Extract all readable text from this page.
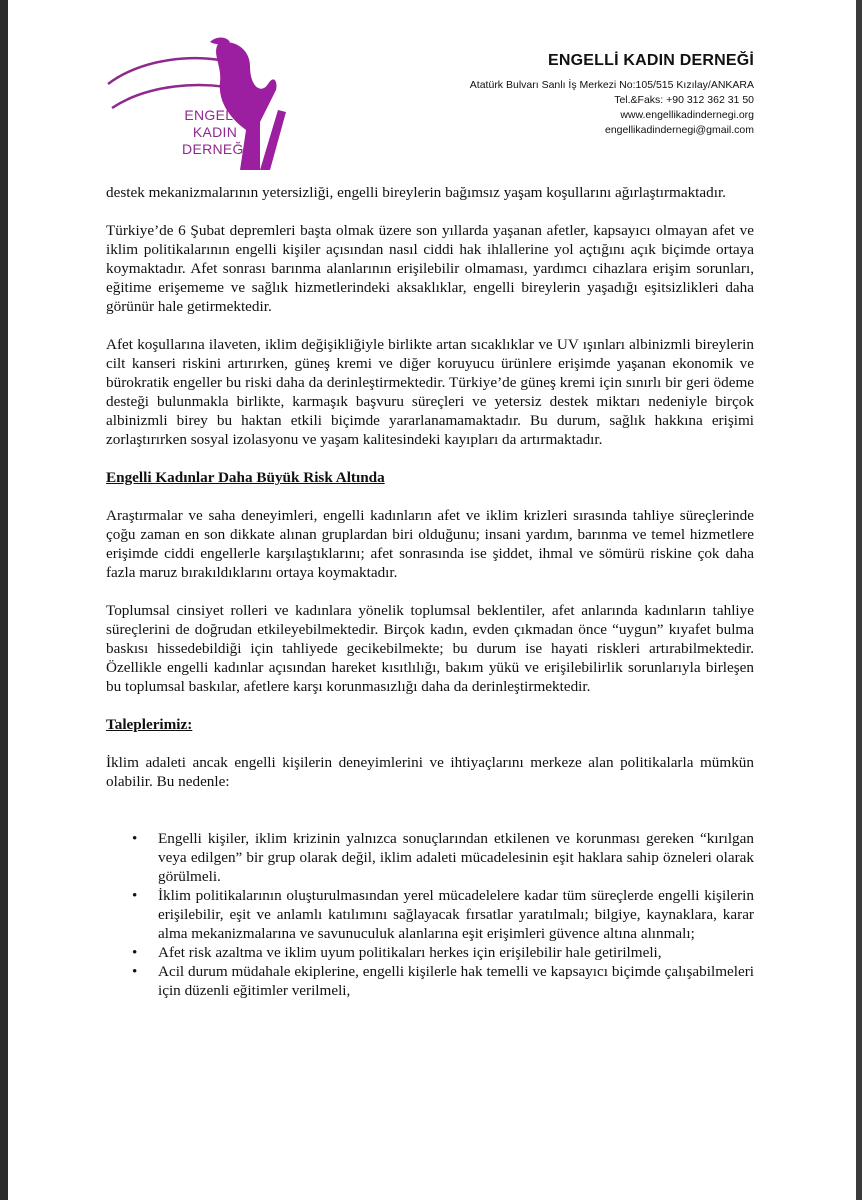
ENGELLİ
KADIN
DERNEĞİ
ENGELLİ KADIN DERNEĞİ
Atatürk Bulvarı Sanlı İş Merkezi No:105/515 Kızılay/ANKARA
Tel.&Faks: +90 312 362 31 50
www.engellikadindernegi.org
engellikadindernegi@gmail.com

destek mekanizmalarının yetersizliği, engelli bireylerin bağımsız yaşam koşullarını ağırlaştırmaktadır.

Türkiye’de 6 Şubat depremleri başta olmak üzere son yıllarda yaşanan afetler, kapsayıcı olmayan afet ve iklim politikalarının engelli kişiler açısından nasıl ciddi hak ihlallerine yol açtığını açık biçimde ortaya koymaktadır. Afet sonrası barınma alanlarının erişilebilir olmaması, yardımcı cihazlara erişim sorunları, eğitime erişememe ve sağlık hizmetlerindeki aksaklıklar, engelli bireylerin yaşadığı eşitsizlikleri daha görünür hale getirmektedir.

Afet koşullarına ilaveten, iklim değişikliğiyle birlikte artan sıcaklıklar ve UV ışınları albinizmli bireylerin cilt kanseri riskini artırırken, güneş kremi ve diğer koruyucu ürünlere erişimde yaşanan ekonomik ve bürokratik engeller bu riski daha da derinleştirmektedir. Türkiye’de güneş kremi için sınırlı bir geri ödeme desteği bulunmakla birlikte, karmaşık başvuru süreçleri ve yetersiz destek miktarı nedeniyle birçok albinizmli birey bu haktan etkili biçimde yararlanamamaktadır. Bu durum, sağlık hakkına erişimi zorlaştırırken sosyal izolasyonu ve yaşam kalitesindeki kayıpları da artırmaktadır.

Engelli Kadınlar Daha Büyük Risk Altında

Araştırmalar ve saha deneyimleri, engelli kadınların afet ve iklim krizleri sırasında tahliye süreçlerinde çoğu zaman en son dikkate alınan gruplardan biri olduğunu; insani yardım, barınma ve temel hizmetlere erişimde ciddi engellerle karşılaştıklarını; afet sonrasında ise şiddet, ihmal ve sömürü riskine çok daha fazla maruz bırakıldıklarını ortaya koymaktadır.

Toplumsal cinsiyet rolleri ve kadınlara yönelik toplumsal beklentiler, afet anlarında kadınların tahliye süreçlerini de doğrudan etkileyebilmektedir. Birçok kadın, evden çıkmadan önce “uygun” kıyafet bulma baskısı hissedebildiği için tahliyede gecikebilmekte; bu durum ise hayati riskleri artırabilmektedir. Özellikle engelli kadınlar açısından hareket kısıtlılığı, bakım yükü ve erişilebilirlik sorunlarıyla birleşen bu toplumsal baskılar, afetlere karşı korunmasızlığı daha da derinleştirmektedir.

Taleplerimiz:

İklim adaleti ancak engelli kişilerin deneyimlerini ve ihtiyaçlarını merkeze alan politikalarla mümkün olabilir. Bu nedenle:

• Engelli kişiler, iklim krizinin yalnızca sonuçlarından etkilenen ve korunması gereken “kırılgan veya edilgen” bir grup olarak değil, iklim adaleti mücadelesinin eşit haklara sahip özneleri olarak görülmeli.
• İklim politikalarının oluşturulmasından yerel mücadelelere kadar tüm süreçlerde engelli kişilerin erişilebilir, eşit ve anlamlı katılımını sağlayacak fırsatlar yaratılmalı; bilgiye, kaynaklara, karar alma mekanizmalarına ve savunuculuk alanlarına eşit erişimleri güvence altına alınmalı;
• Afet risk azaltma ve iklim uyum politikaları herkes için erişilebilir hale getirilmeli,
• Acil durum müdahale ekiplerine, engelli kişilerle hak temelli ve kapsayıcı biçimde çalışabilmeleri için düzenli eğitimler verilmeli,
